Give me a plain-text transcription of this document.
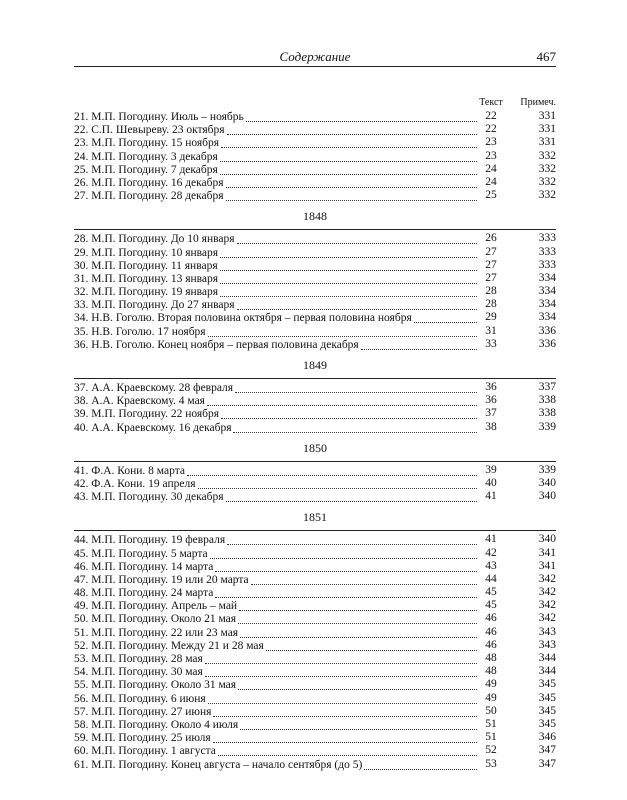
Содержание	467
Текст Примеч.
21. М.П. Погодину. Июль – ноябрь	22	331
22. С.П. Шевыреву. 23 октября	22	331
23. М.П. Погодину. 15 ноября	23	331
24. М.П. Погодину. 3 декабря	23	332
25. М.П. Погодину. 7 декабря	24	332
26. М.П. Погодину. 16 декабря	24	332
27. М.П. Погодину. 28 декабря	25	332
1848
28. М.П. Погодину. До 10 января	26	333
29. М.П. Погодину. 10 января	27	333
30. М.П. Погодину. 11 января	27	333
31. М.П. Погодину. 13 января	27	334
32. М.П. Погодину. 19 января	28	334
33. М.П. Погодину. До 27 января	28	334
34. Н.В. Гоголю. Вторая половина октября – первая половина ноября	29	334
35. Н.В. Гоголю. 17 ноября	31	336
36. Н.В. Гоголю. Конец ноября – первая половина декабря	33	336
1849
37. А.А. Краевскому. 28 февраля	36	337
38. А.А. Краевскому. 4 мая	36	338
39. М.П. Погодину. 22 ноября	37	338
40. А.А. Краевскому. 16 декабря	38	339
1850
41. Ф.А. Кони. 8 марта	39	339
42. Ф.А. Кони. 19 апреля	40	340
43. М.П. Погодину. 30 декабря	41	340
1851
44. М.П. Погодину. 19 февраля	41	340
45. М.П. Погодину. 5 марта	42	341
46. М.П. Погодину. 14 марта	43	341
47. М.П. Погодину. 19 или 20 марта	44	342
48. М.П. Погодину. 24 марта	45	342
49. М.П. Погодину. Апрель – май	45	342
50. М.П. Погодину. Около 21 мая	46	342
51. М.П. Погодину. 22 или 23 мая	46	343
52. М.П. Погодину. Между 21 и 28 мая	46	343
53. М.П. Погодину. 28 мая	48	344
54. М.П. Погодину. 30 мая	48	344
55. М.П. Погодину. Около 31 мая	49	345
56. М.П. Погодину. 6 июня	49	345
57. М.П. Погодину. 27 июня	50	345
58. М.П. Погодину. Около 4 июля	51	345
59. М.П. Погодину. 25 июля	51	346
60. М.П. Погодину. 1 августа	52	347
61. М.П. Погодину. Конец августа – начало сентября (до 5)	53	347
